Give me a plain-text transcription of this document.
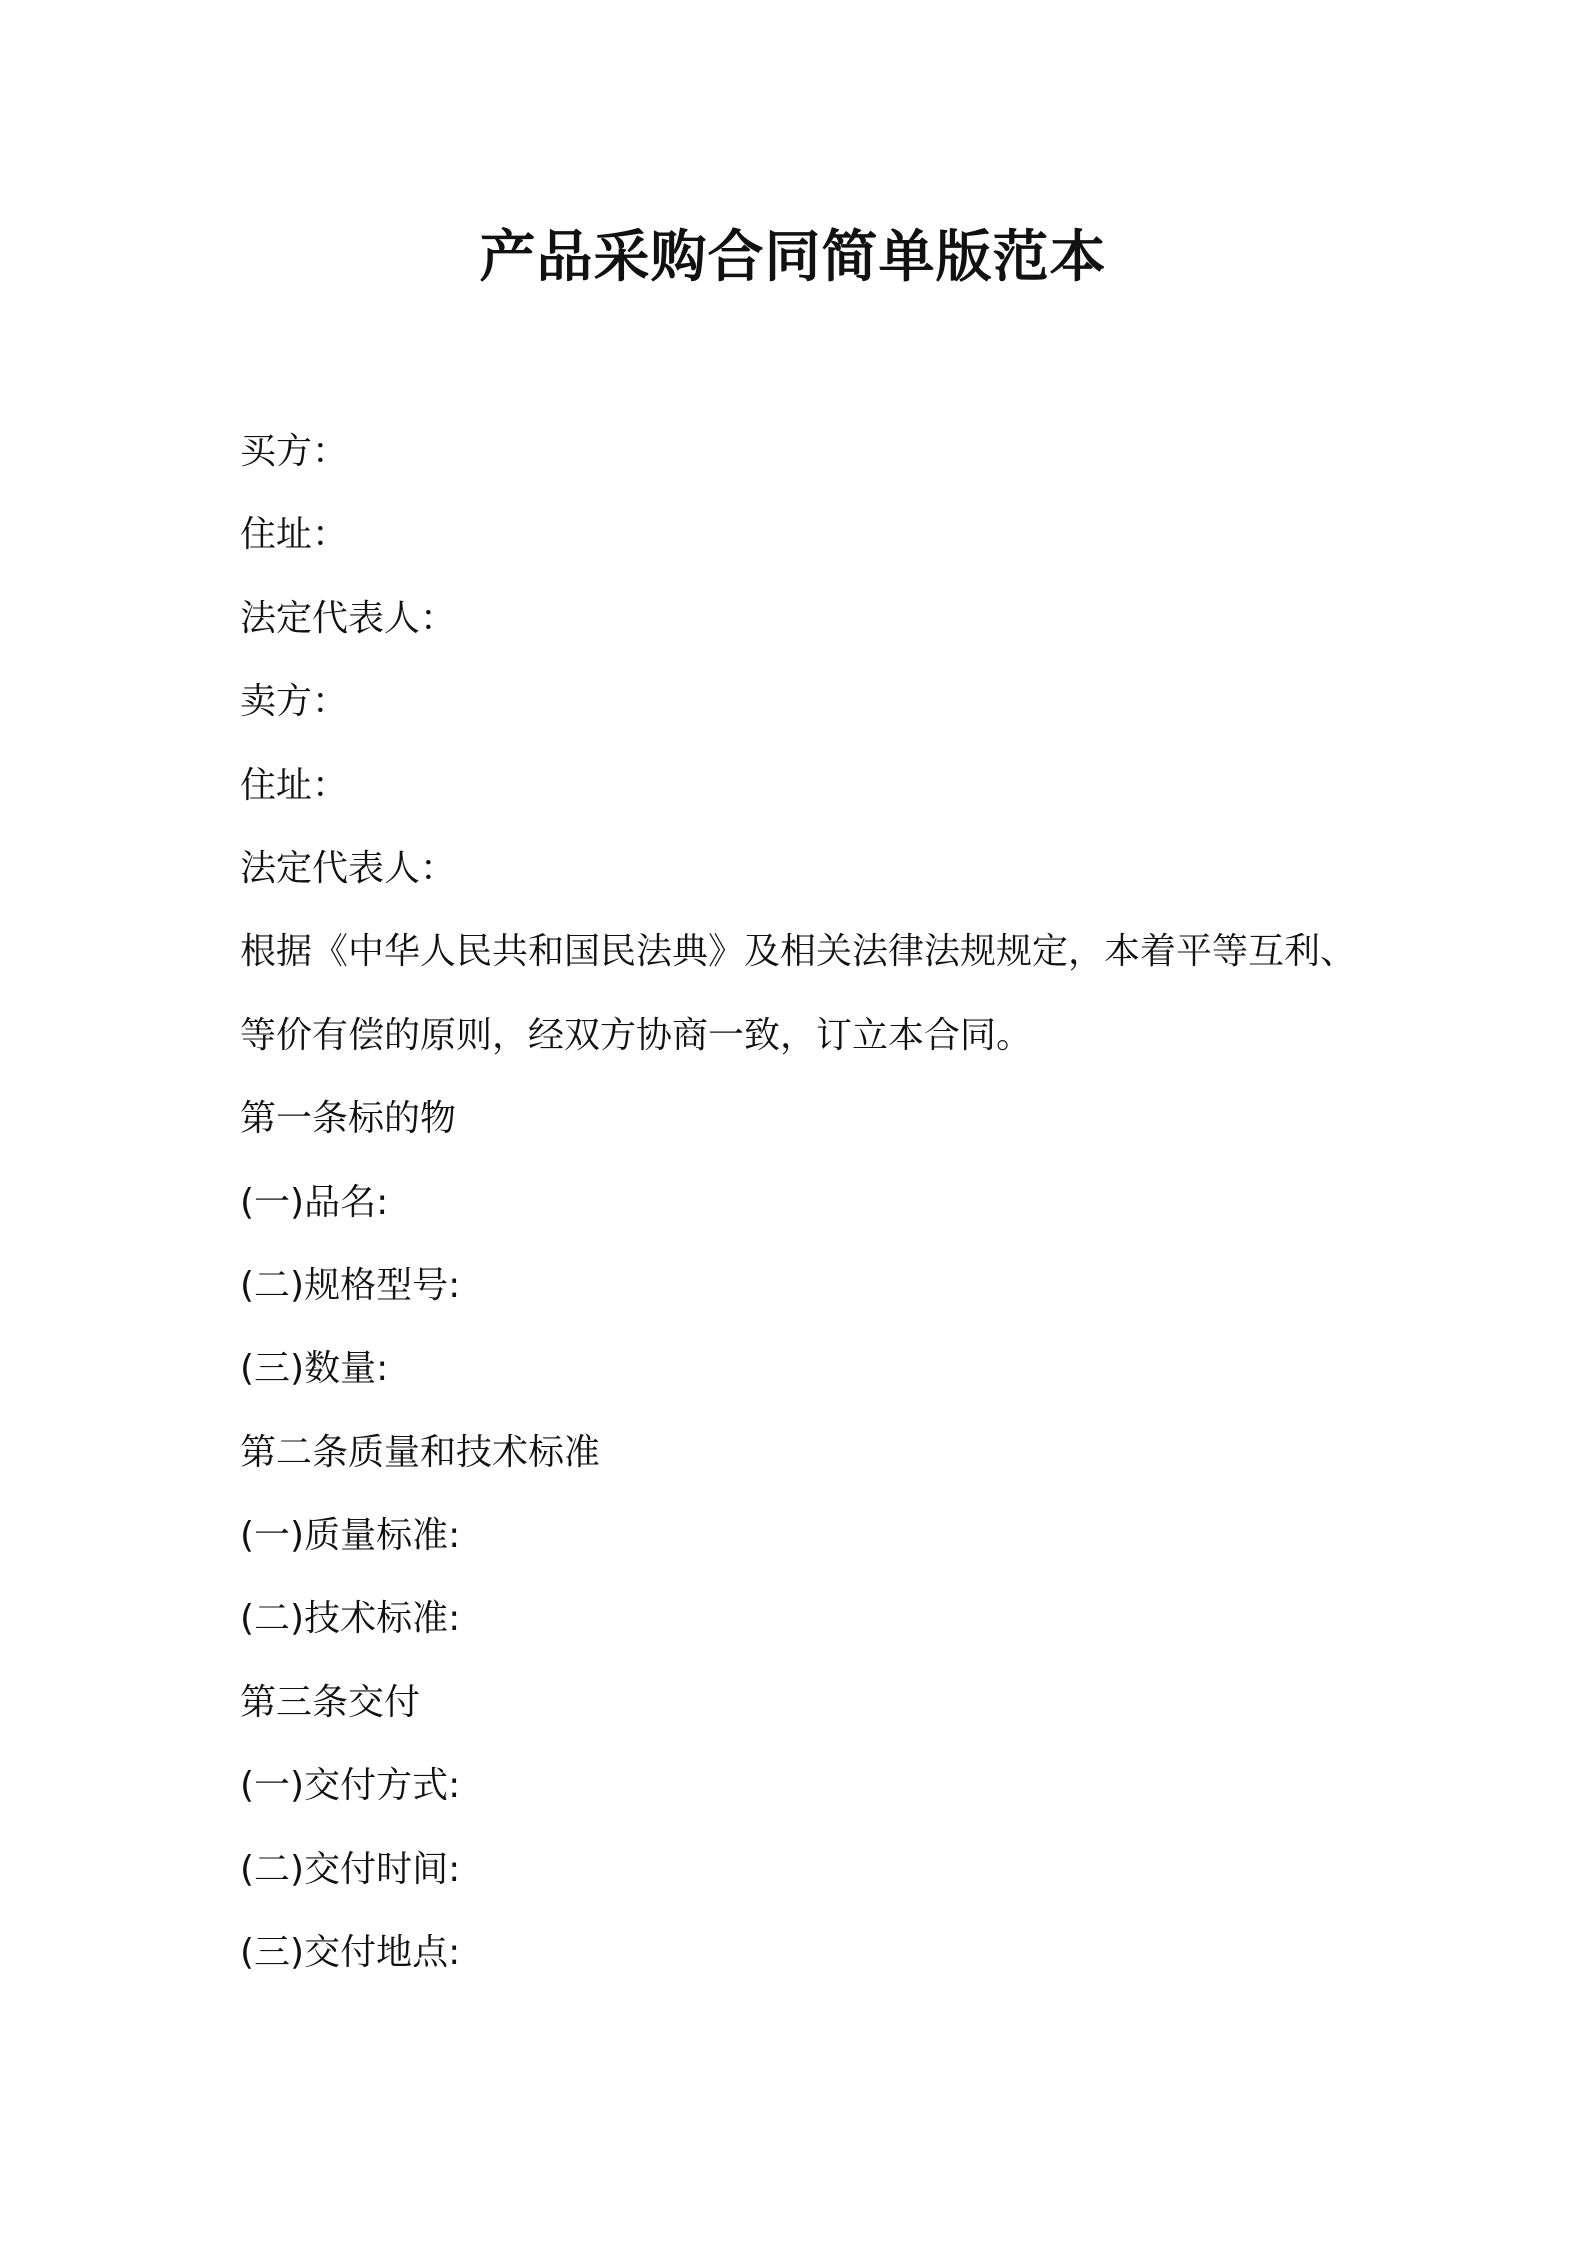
产品采购合同简单版范本
买方：
住址：
法定代表人：
卖方：
住址：
法定代表人：
根据《中华人民共和国民法典》及相关法律法规规定，本着平等互利、
等价有偿的原则，经双方协商一致，订立本合同。
第一条标的物
(一)品名:
(二)规格型号:
(三)数量:
第二条质量和技术标准
(一)质量标准:
(二)技术标准:
第三条交付
(一)交付方式:
(二)交付时间:
(三)交付地点:
